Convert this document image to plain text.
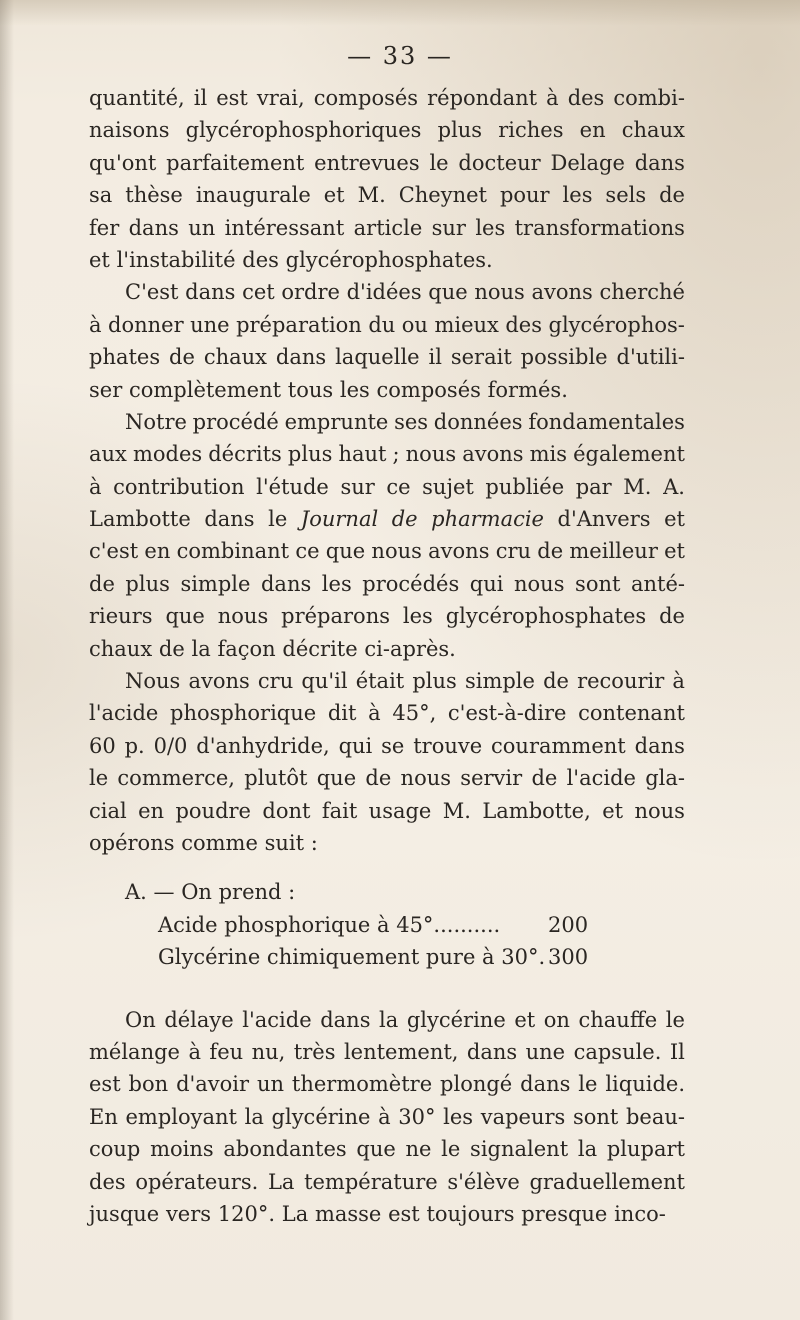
— 33 —
quantité, il est vrai, composés répondant à des combi-
naisons glycérophosphoriques plus riches en chaux
qu'ont parfaitement entrevues le docteur Delage dans
sa thèse inaugurale et M. Cheynet pour les sels de
fer dans un intéressant article sur les transformations
et l'instabilité des glycérophosphates.
C'est dans cet ordre d'idées que nous avons cherché
à donner une préparation du ou mieux des glycérophos-
phates de chaux dans laquelle il serait possible d'utili-
ser complètement tous les composés formés.
Notre procédé emprunte ses données fondamentales
aux modes décrits plus haut ; nous avons mis également
à contribution l'étude sur ce sujet publiée par M. A.
Lambotte dans le Journal de pharmacie d'Anvers et
c'est en combinant ce que nous avons cru de meilleur et
de plus simple dans les procédés qui nous sont anté-
rieurs que nous préparons les glycérophosphates de
chaux de la façon décrite ci-après.
Nous avons cru qu'il était plus simple de recourir à
l'acide phosphorique dit à 45°, c'est-à-dire contenant
60 p. 0/0 d'anhydride, qui se trouve couramment dans
le commerce, plutôt que de nous servir de l'acide gla-
cial en poudre dont fait usage M. Lambotte, et nous
opérons comme suit :
A. — On prend :
Acide phosphorique à 45°..........	200
Glycérine chimiquement pure à 30°. 300
On délaye l'acide dans la glycérine et on chauffe le
mélange à feu nu, très lentement, dans une capsule. Il
est bon d'avoir un thermomètre plongé dans le liquide.
En employant la glycérine à 30° les vapeurs sont beau-
coup moins abondantes que ne le signalent la plupart
des opérateurs. La température s'élève graduellement
jusque vers 120°. La masse est toujours presque inco-
